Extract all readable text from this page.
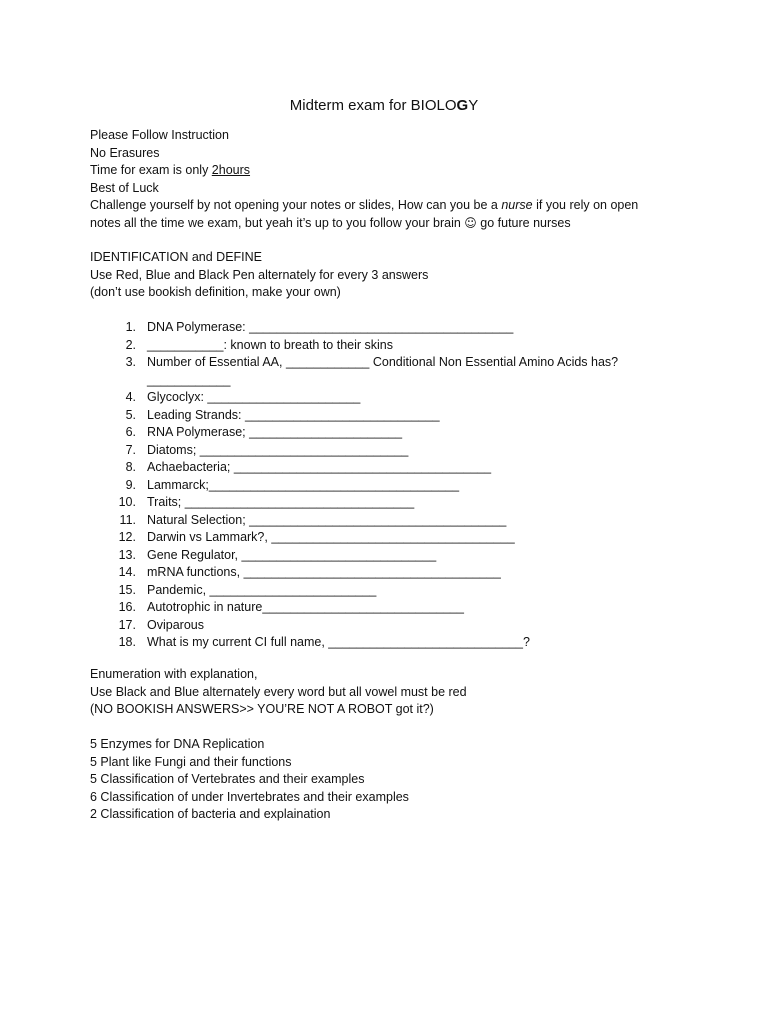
Midterm exam for BIOLOGY
Please Follow Instruction
No Erasures
Time for exam is only 2hours
Best of Luck
Challenge yourself by not opening your notes or slides, How can you be a nurse if you rely on open
notes all the time we exam, but yeah it’s up to you follow your brain ☺ go future nurses
IDENTIFICATION and DEFINE
Use Red, Blue and Black Pen alternately for every 3 answers
(don’t use bookish definition, make your own)
1. DNA Polymerase: ______________________________________
2. ___________: known to breath to their skins
3. Number of Essential AA, ____________ Conditional Non Essential Amino Acids has? ____________
4. Glycoclyx: ______________________
5. Leading Strands: ____________________________
6. RNA Polymerase; ______________________
7. Diatoms; ______________________________
8. Achaebacteria; _____________________________________
9. Lammarck;____________________________________
10. Traits; _________________________________
11. Natural Selection; _____________________________________
12. Darwin vs Lammark?, ___________________________________
13. Gene Regulator, ____________________________
14. mRNA functions, _____________________________________
15. Pandemic, ________________________
16. Autotrophic in nature_____________________________
17. Oviparous
18. What is my current CI full name, ____________________________?
Enumeration with explanation,
Use Black and Blue alternately every word but all vowel must be red
(NO BOOKISH ANSWERS>> YOU’RE NOT A ROBOT got it?)
5 Enzymes for DNA Replication
5 Plant like Fungi and their functions
5 Classification of Vertebrates and their examples
6 Classification of under Invertebrates and their examples
2 Classification of bacteria and explaination
